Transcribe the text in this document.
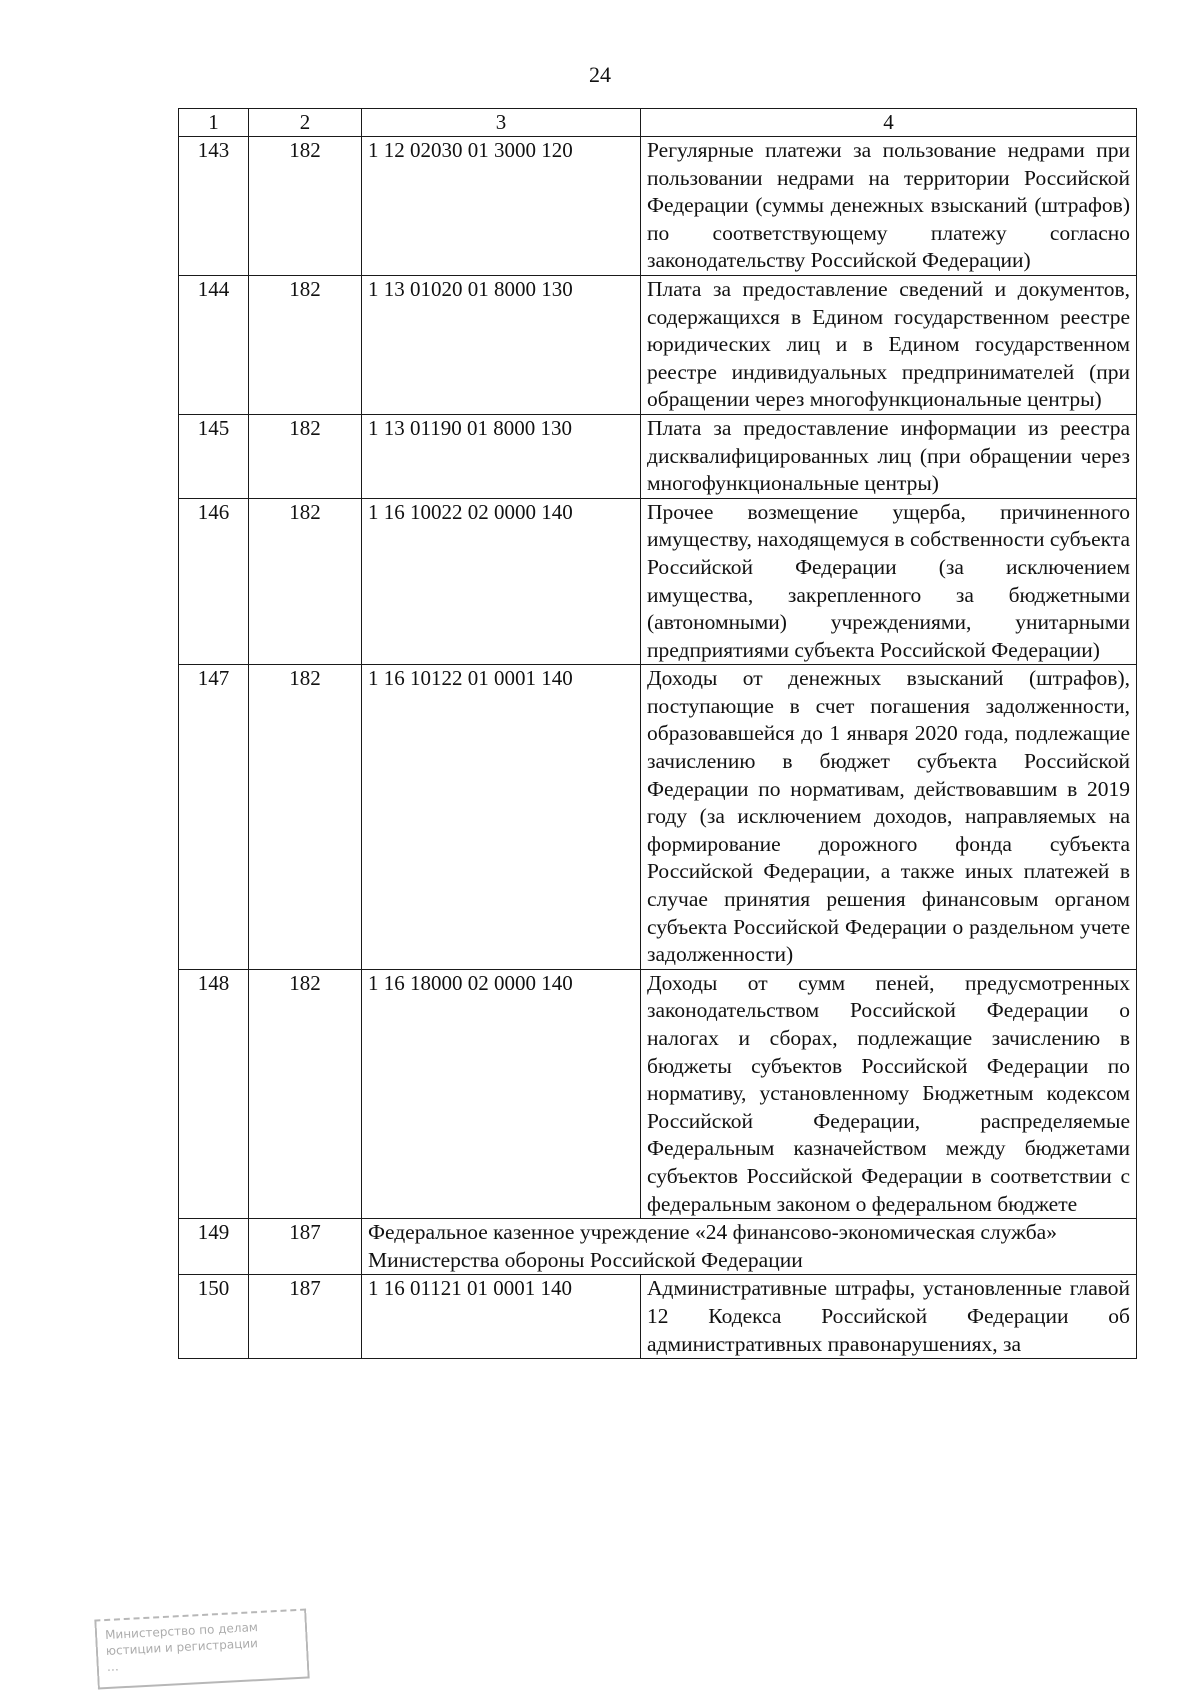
24
1	2	3	4
143	182	1 12 02030 01 3000 120	Регулярные платежи за пользование недрами при пользовании недрами на территории Российской Федерации (суммы денежных взысканий (штрафов) по соответствующему платежу согласно законодательству Российской Федерации)
144	182	1 13 01020 01 8000 130	Плата за предоставление сведений и документов, содержащихся в Едином государственном реестре юридических лиц и в Едином государственном реестре индивидуальных предпринимателей (при обращении через многофункциональные центры)
145	182	1 13 01190 01 8000 130	Плата за предоставление информации из реестра дисквалифицированных лиц (при обращении через многофункциональные центры)
146	182	1 16 10022 02 0000 140	Прочее возмещение ущерба, причиненного имуществу, находящемуся в собственности субъекта Российской Федерации (за исключением имущества, закрепленного за бюджетными (автономными) учреждениями, унитарными предприятиями субъекта Российской Федерации)
147	182	1 16 10122 01 0001 140	Доходы от денежных взысканий (штрафов), поступающие в счет погашения задолженности, образовавшейся до 1 января 2020 года, подлежащие зачислению в бюджет субъекта Российской Федерации по нормативам, действовавшим в 2019 году (за исключением доходов, направляемых на формирование дорожного фонда субъекта Российской Федерации, а также иных платежей в случае принятия решения финансовым органом субъекта Российской Федерации о раздельном учете задолженности)
148	182	1 16 18000 02 0000 140	Доходы от сумм пеней, предусмотренных законодательством Российской Федерации о налогах и сборах, подлежащие зачислению в бюджеты субъектов Российской Федерации по нормативу, установленному Бюджетным кодексом Российской Федерации, распределяемые Федеральным казначейством между бюджетами субъектов Российской Федерации в соответствии с федеральным законом о федеральном бюджете
149	187	Федеральное казенное учреждение «24 финансово-экономическая служба» Министерства обороны Российской Федерации	
150	187	1 16 01121 01 0001 140	Административные штрафы, установленные главой 12 Кодекса Российской Федерации об административных правонарушениях, за
Министерство по делам
юстиции и регистрации
…
